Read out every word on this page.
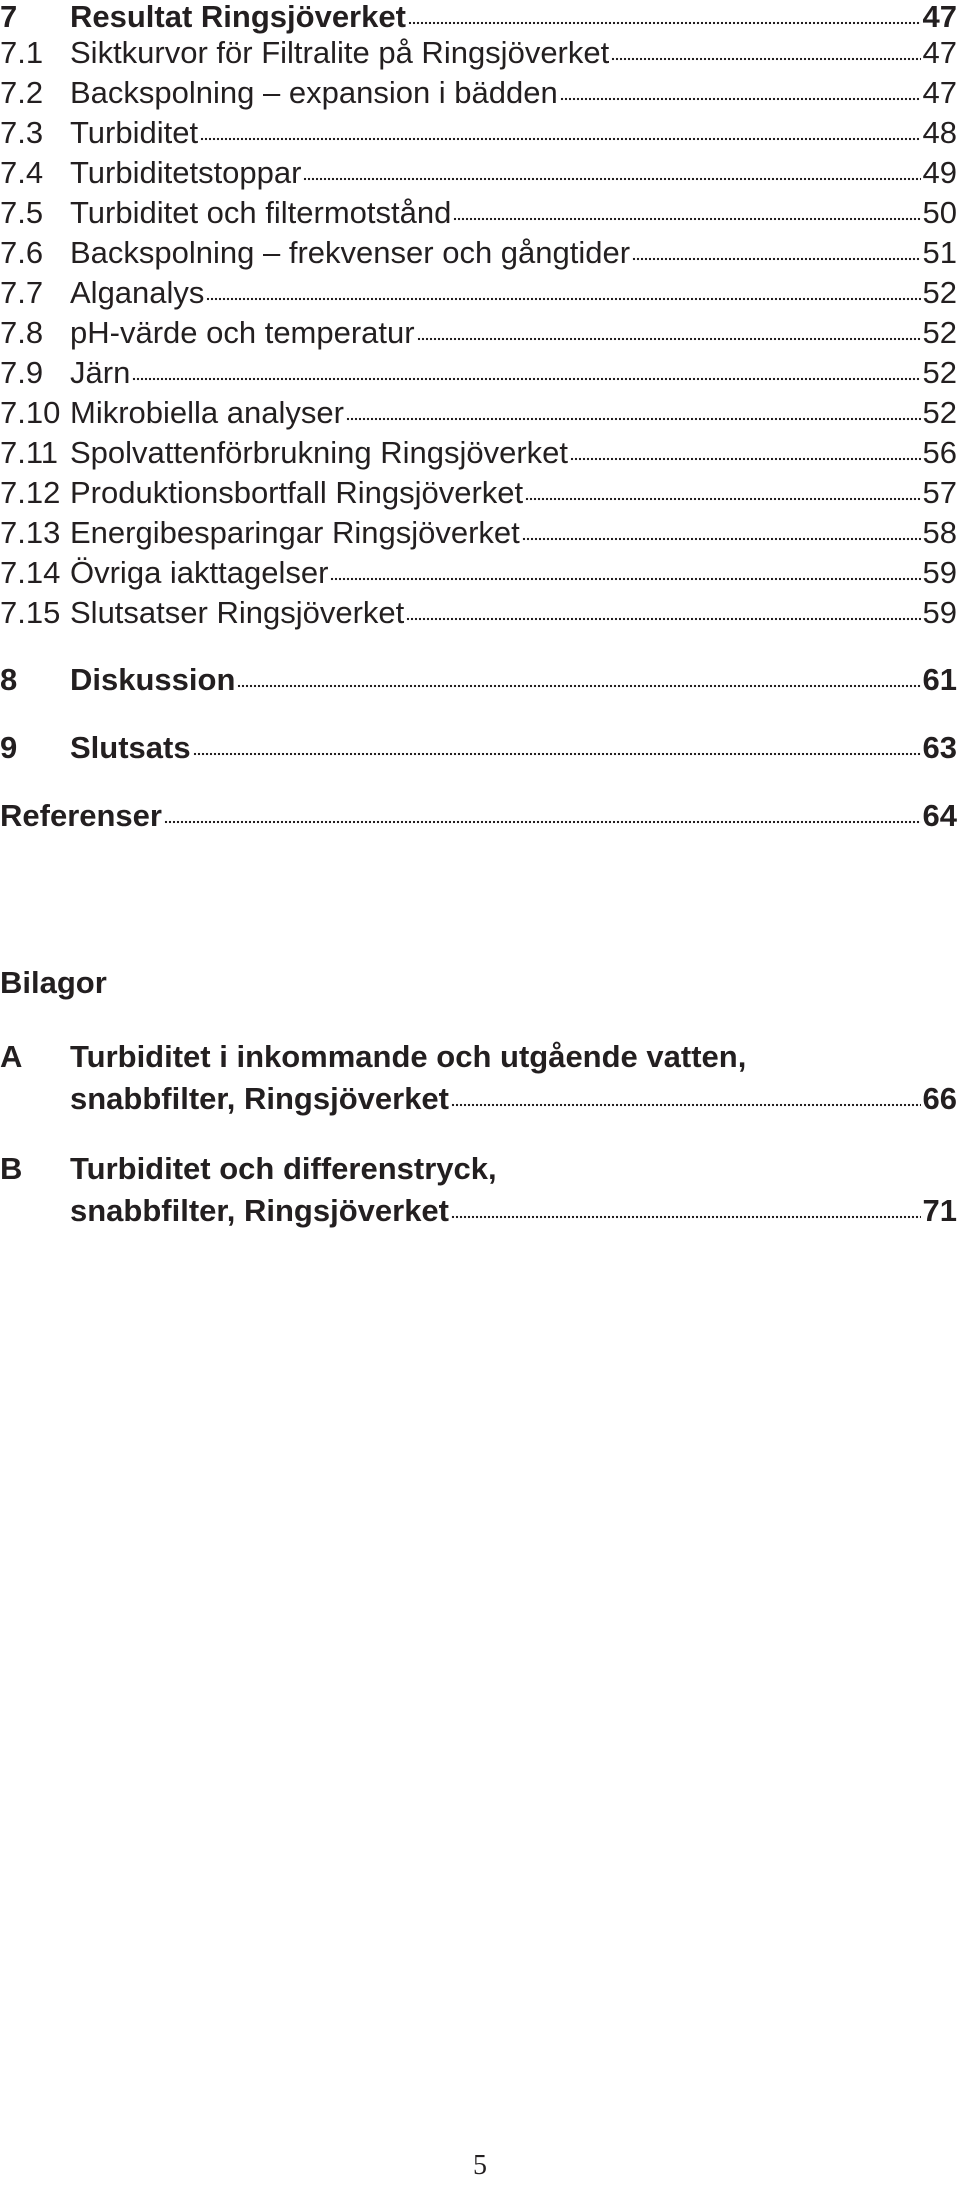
7	Resultat Ringsjöverket	47
7.1 Siktkurvor för Filtralite på Ringsjöverket	47
7.2 Backspolning – expansion i bädden	47
7.3 Turbiditet	48
7.4 Turbiditetstoppar	49
7.5 Turbiditet och filtermotstånd	50
7.6 Backspolning – frekvenser och gångtider	51
7.7 Alganalys	52
7.8 pH-värde och temperatur	52
7.9 Järn	52
7.10 Mikrobiella analyser	52
7.11 Spolvattenförbrukning Ringsjöverket	56
7.12 Produktionsbortfall Ringsjöverket	57
7.13 Energibesparingar Ringsjöverket	58
7.14 Övriga iakttagelser	59
7.15 Slutsatser Ringsjöverket	59
8	Diskussion	61
9	Slutsats	63
Referenser	64
Bilagor
A Turbiditet i inkommande och utgående vatten,
snabbfilter, Ringsjöverket	66
B Turbiditet och differenstryck,
snabbfilter, Ringsjöverket	71
5
